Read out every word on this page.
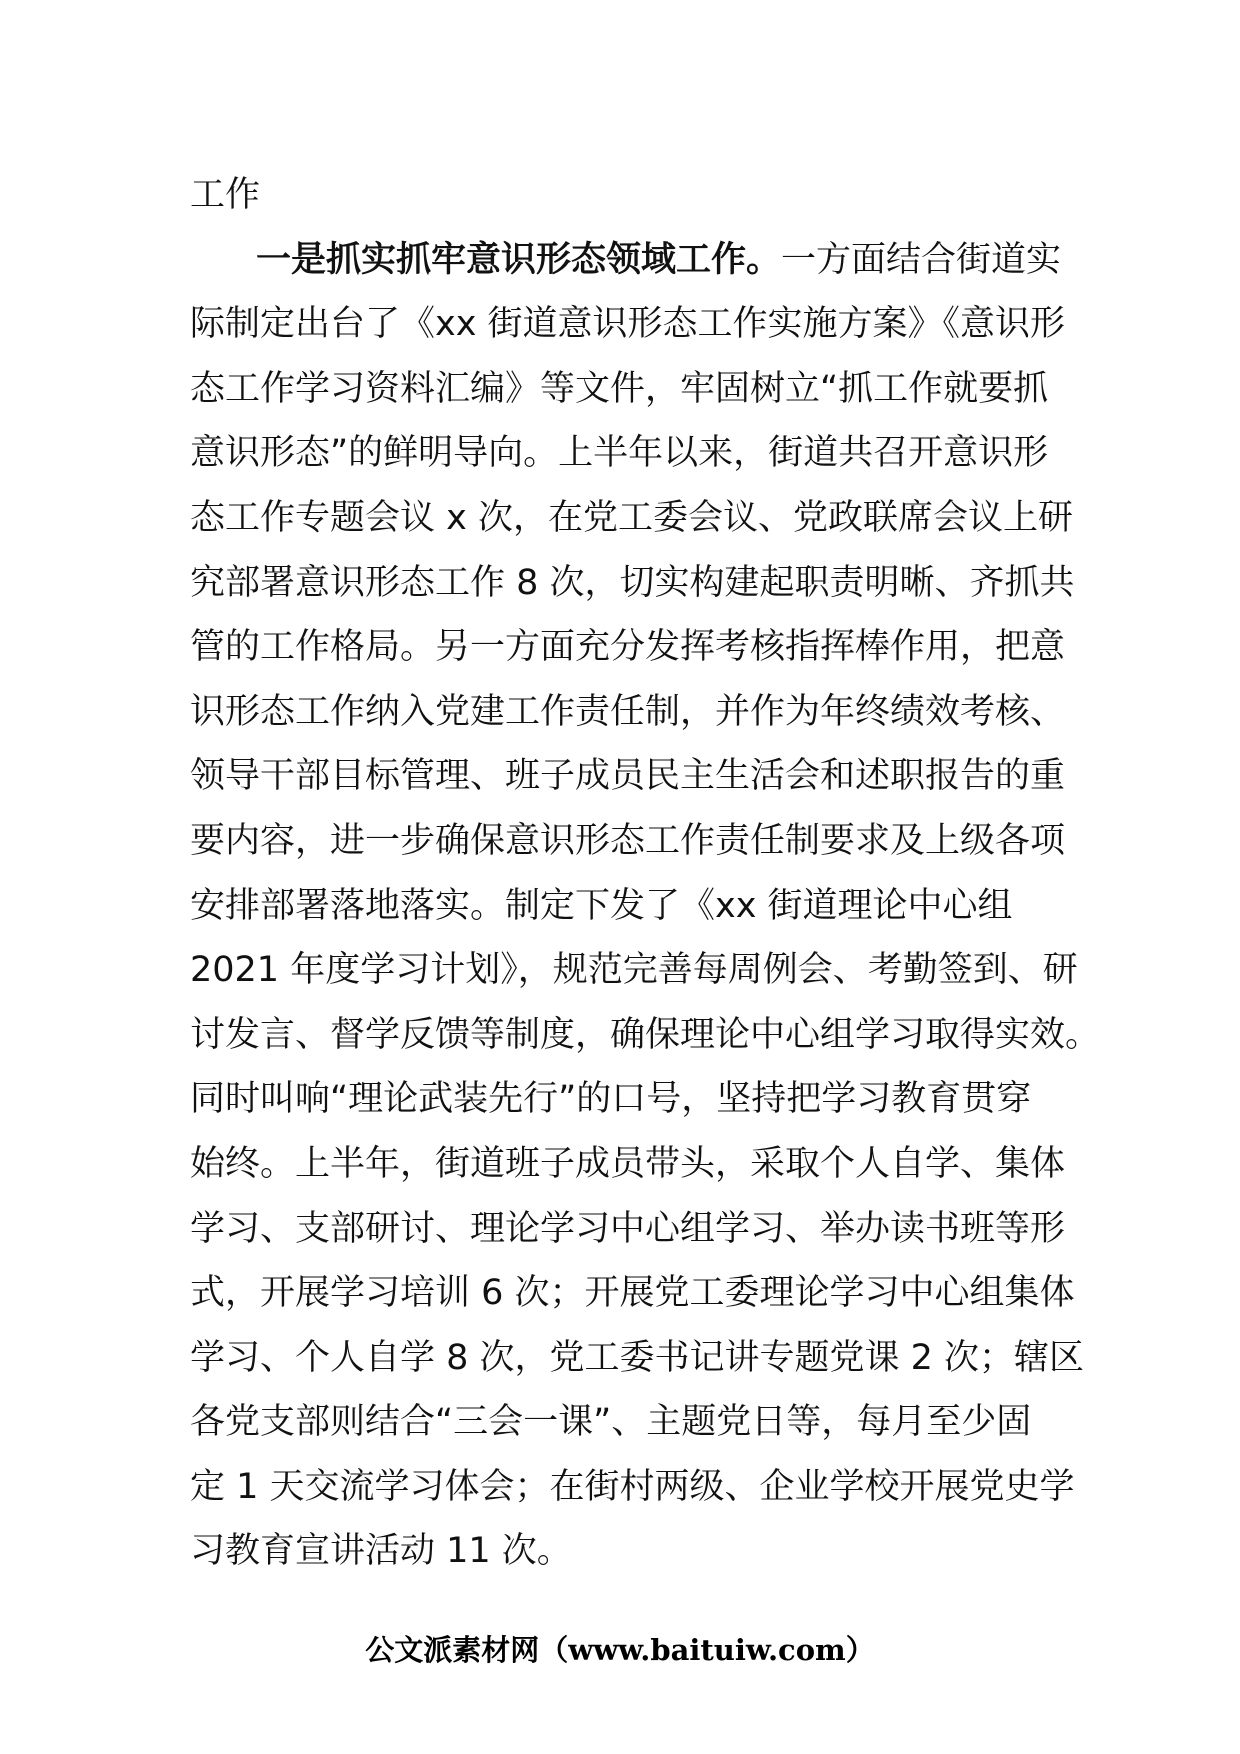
工作
一是抓实抓牢意识形态领域工作。一方面结合街道实
际制定出台了《xx 街道意识形态工作实施方案》《意识形
态工作学习资料汇编》等文件，牢固树立“抓工作就要抓
意识形态”的鲜明导向。上半年以来，街道共召开意识形
态工作专题会议 x 次，在党工委会议、党政联席会议上研
究部署意识形态工作 8 次，切实构建起职责明晰、齐抓共
管的工作格局。另一方面充分发挥考核指挥棒作用，把意
识形态工作纳入党建工作责任制，并作为年终绩效考核、
领导干部目标管理、班子成员民主生活会和述职报告的重
要内容，进一步确保意识形态工作责任制要求及上级各项
安排部署落地落实。制定下发了《xx 街道理论中心组
2021 年度学习计划》，规范完善每周例会、考勤签到、研
讨发言、督学反馈等制度，确保理论中心组学习取得实效。
同时叫响“理论武装先行”的口号，坚持把学习教育贯穿
始终。上半年，街道班子成员带头，采取个人自学、集体
学习、支部研讨、理论学习中心组学习、举办读书班等形
式，开展学习培训 6 次；开展党工委理论学习中心组集体
学习、个人自学 8 次，党工委书记讲专题党课 2 次；辖区
各党支部则结合“三会一课”、主题党日等，每月至少固
定 1 天交流学习体会；在街村两级、企业学校开展党史学
习教育宣讲活动 11 次。
公文派素材网（www.baituiw.com）
